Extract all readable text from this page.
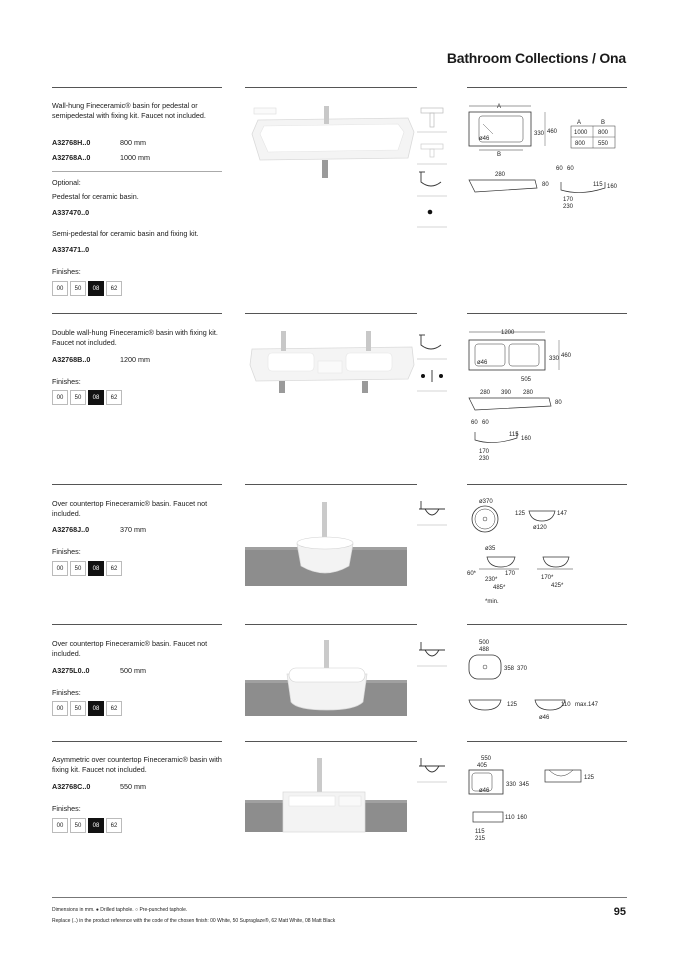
Bathroom Collections / Ona
Wall-hung Fineceramic® basin for pedestal or semipedestal with fixing kit. Faucet not included.
A32768H..0	800 mm
A32768A..0	1000 mm
Optional:
Pedestal for ceramic basin.
A337470..0
Semi-pedestal for ceramic basin and fixing kit.
A337471..0
Finishes:
00	50	08	62
A
ø46
B
330 460
A	B
1000 800
800 550
280
80
60 60
115 160
170
230
Double wall-hung Fineceramic® basin with fixing kit. Faucet not included.
A32768B..0	1200 mm
Finishes:
00	50	08	62
1200
ø46
330 460
505
280 390 280
80
60 60
115
160
170
230
Over countertop Fineceramic® basin. Faucet not included.
A32768J..0	370 mm
Finishes:
00	50	08	62
ø370
125	147
ø120
ø35
60*
230*
170
485*
170*
425*
*min.
Over countertop Fineceramic® basin. Faucet not included.
A3275L0..0	500 mm
Finishes:
00	50	08	62
500
488
358 370
125	110 max.147
ø46
Asymmetric over countertop Fineceramic® basin with fixing kit. Faucet not included.
A32768C..0	550 mm
Finishes:
00	50	08	62
550
405
ø46
330 345
125
110 160
115
215
Dimensions in mm. ● Drilled taphole. ○ Pre-punched taphole.
Replace (..) in the product reference with the code of the chosen finish: 00 White, 50 Supraglaze®, 62 Matt White, 08 Matt Black
95
